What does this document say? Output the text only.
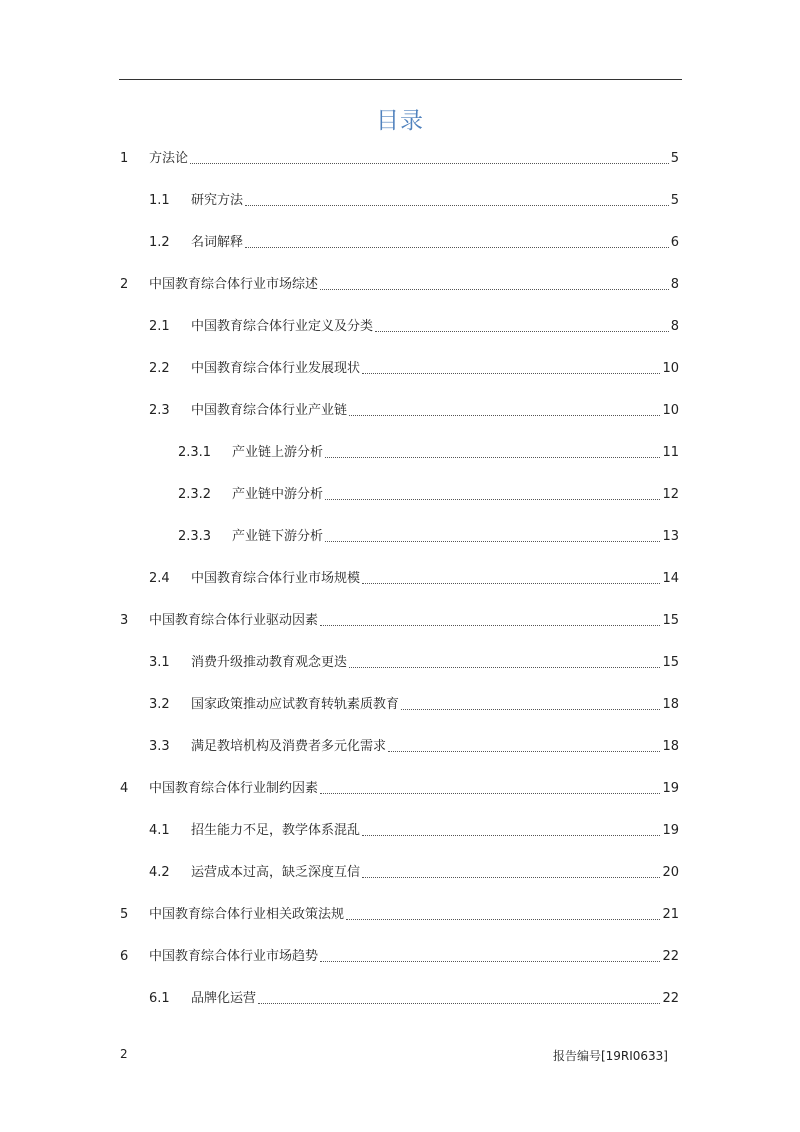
目录
1	方法论	5
1.1	研究方法	5
1.2	名词解释	6
2	中国教育综合体行业市场综述	8
2.1	中国教育综合体行业定义及分类	8
2.2	中国教育综合体行业发展现状	10
2.3	中国教育综合体行业产业链	10
2.3.1	产业链上游分析	11
2.3.2	产业链中游分析	12
2.3.3	产业链下游分析	13
2.4	中国教育综合体行业市场规模	14
3	中国教育综合体行业驱动因素	15
3.1	消费升级推动教育观念更迭	15
3.2	国家政策推动应试教育转轨素质教育	18
3.3	满足教培机构及消费者多元化需求	18
4	中国教育综合体行业制约因素	19
4.1	招生能力不足，教学体系混乱	19
4.2	运营成本过高，缺乏深度互信	20
5	中国教育综合体行业相关政策法规	21
6	中国教育综合体行业市场趋势	22
6.1	品牌化运营	22
2	报告编号[19RI0633]
